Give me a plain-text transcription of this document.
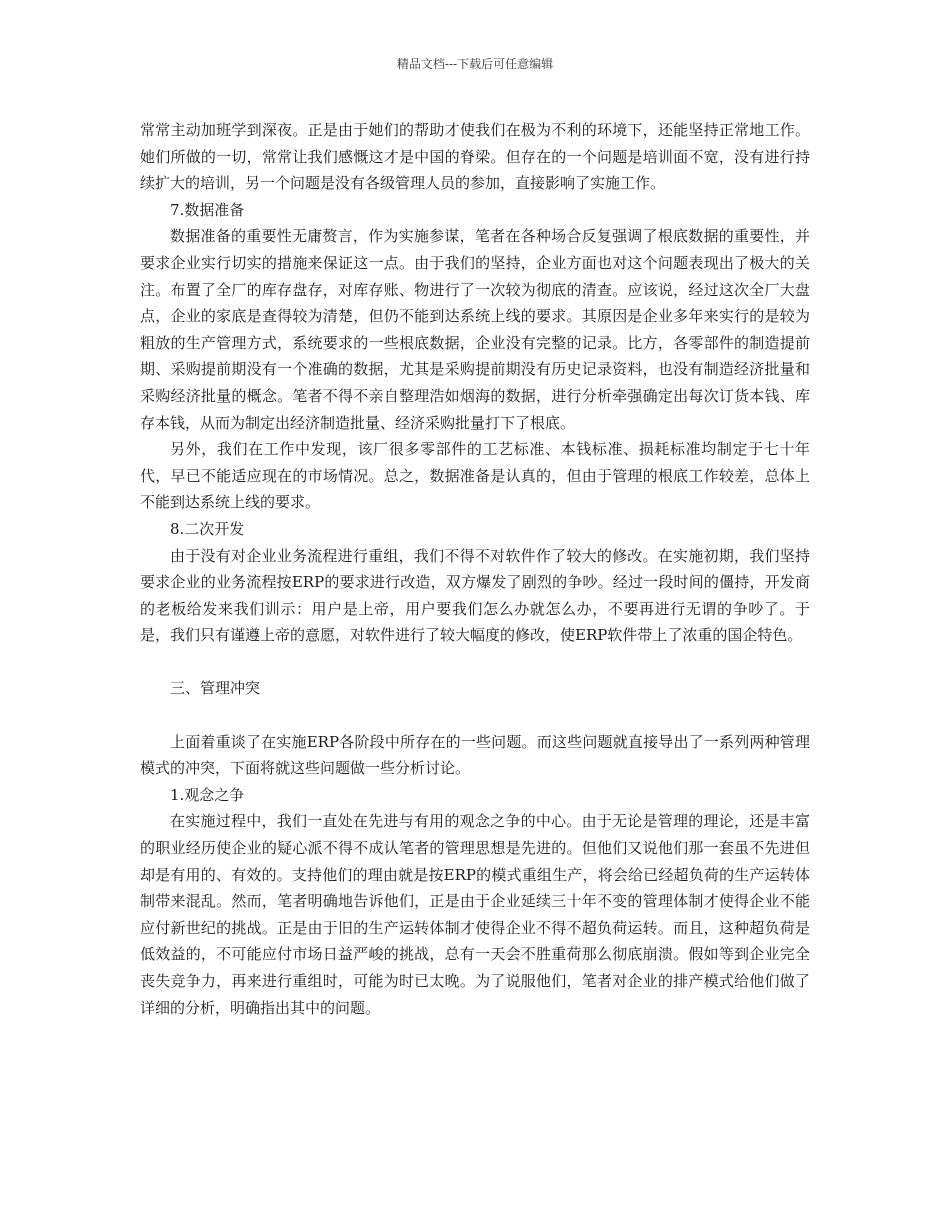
精品文档---下载后可任意编辑

常常主动加班学到深夜。正是由于她们的帮助才使我们在极为不利的环境下，还能坚持正常地工作。她们所做的一切，常常让我们感慨这才是中国的脊梁。但存在的一个问题是培训面不宽，没有进行持续扩大的培训，另一个问题是没有各级管理人员的参加，直接影响了实施工作。

7.数据准备

数据准备的重要性无庸赘言，作为实施参谋，笔者在各种场合反复强调了根底数据的重要性，并要求企业实行切实的措施来保证这一点。由于我们的坚持，企业方面也对这个问题表现出了极大的关注。布置了全厂的库存盘存，对库存账、物进行了一次较为彻底的清查。应该说，经过这次全厂大盘点，企业的家底是查得较为清楚，但仍不能到达系统上线的要求。其原因是企业多年来实行的是较为粗放的生产管理方式，系统要求的一些根底数据，企业没有完整的记录。比方，各零部件的制造提前期、采购提前期没有一个准确的数据，尤其是采购提前期没有历史记录资料，也没有制造经济批量和采购经济批量的概念。笔者不得不亲自整理浩如烟海的数据，进行分析牵强确定出每次订货本钱、库存本钱，从而为制定出经济制造批量、经济采购批量打下了根底。

另外，我们在工作中发现，该厂很多零部件的工艺标准、本钱标准、损耗标准均制定于七十年代，早已不能适应现在的市场情况。总之，数据准备是认真的，但由于管理的根底工作较差，总体上不能到达系统上线的要求。

8.二次开发

由于没有对企业业务流程进行重组，我们不得不对软件作了较大的修改。在实施初期，我们坚持要求企业的业务流程按ERP的要求进行改造，双方爆发了剧烈的争吵。经过一段时间的僵持，开发商的老板给发来我们训示：用户是上帝，用户要我们怎么办就怎么办，不要再进行无谓的争吵了。于是，我们只有谨遵上帝的意愿，对软件进行了较大幅度的修改，使ERP软件带上了浓重的国企特色。

三、管理冲突

上面着重谈了在实施ERP各阶段中所存在的一些问题。而这些问题就直接导出了一系列两种管理模式的冲突，下面将就这些问题做一些分析讨论。

1.观念之争

在实施过程中，我们一直处在先进与有用的观念之争的中心。由于无论是管理的理论，还是丰富的职业经历使企业的疑心派不得不成认笔者的管理思想是先进的。但他们又说他们那一套虽不先进但却是有用的、有效的。支持他们的理由就是按ERP的模式重组生产，将会给已经超负荷的生产运转体制带来混乱。然而，笔者明确地告诉他们，正是由于企业延续三十年不变的管理体制才使得企业不能应付新世纪的挑战。正是由于旧的生产运转体制才使得企业不得不超负荷运转。而且，这种超负荷是低效益的，不可能应付市场日益严峻的挑战，总有一天会不胜重荷那么彻底崩溃。假如等到企业完全丧失竞争力，再来进行重组时，可能为时已太晚。为了说服他们，笔者对企业的排产模式给他们做了详细的分析，明确指出其中的问题。
